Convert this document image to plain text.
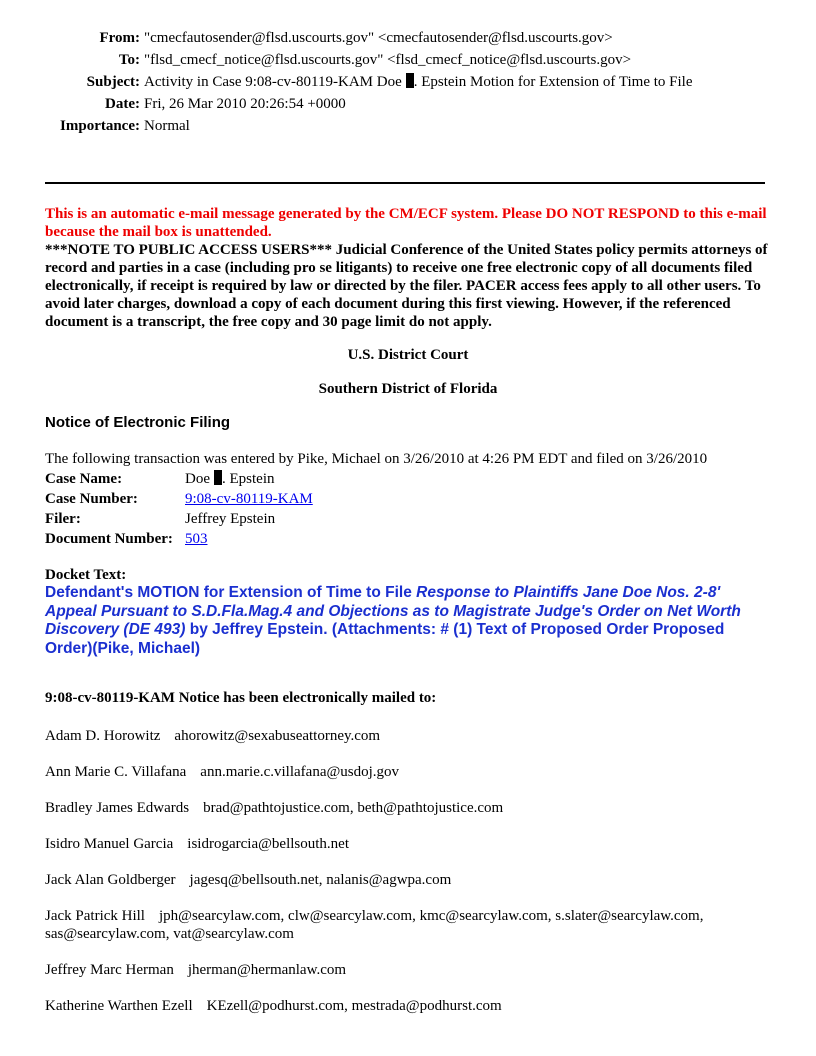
From: "cmecfautosender@flsd.uscourts.gov" <cmecfautosender@flsd.uscourts.gov>
To: "flsd_cmecf_notice@flsd.uscourts.gov" <flsd_cmecf_notice@flsd.uscourts.gov>
Subject: Activity in Case 9:08-cv-80119-KAM Doe . Epstein Motion for Extension of Time to File
Date: Fri, 26 Mar 2010 20:26:54 +0000
Importance: Normal
This is an automatic e-mail message generated by the CM/ECF system. Please DO NOT RESPOND to this e-mail because the mail box is unattended.
***NOTE TO PUBLIC ACCESS USERS*** Judicial Conference of the United States policy permits attorneys of record and parties in a case (including pro se litigants) to receive one free electronic copy of all documents filed electronically, if receipt is required by law or directed by the filer. PACER access fees apply to all other users. To avoid later charges, download a copy of each document during this first viewing. However, if the referenced document is a transcript, the free copy and 30 page limit do not apply.
U.S. District Court
Southern District of Florida
Notice of Electronic Filing
The following transaction was entered by Pike, Michael on 3/26/2010 at 4:26 PM EDT and filed on 3/26/2010
Case Name:	Doe . Epstein
Case Number:	9:08-cv-80119-KAM
Filer:	Jeffrey Epstein
Document Number: 503
Docket Text:
Defendant's MOTION for Extension of Time to File Response to Plaintiffs Jane Doe Nos. 2-8' Appeal Pursuant to S.D.Fla.Mag.4 and Objections as to Magistrate Judge's Order on Net Worth Discovery (DE 493) by Jeffrey Epstein. (Attachments: # (1) Text of Proposed Order Proposed Order)(Pike, Michael)
9:08-cv-80119-KAM Notice has been electronically mailed to:
Adam D. Horowitz ahorowitz@sexabuseattorney.com
Ann Marie C. Villafana ann.marie.c.villafana@usdoj.gov
Bradley James Edwards brad@pathtojustice.com, beth@pathtojustice.com
Isidro Manuel Garcia isidrogarcia@bellsouth.net
Jack Alan Goldberger jagesq@bellsouth.net, nalanis@agwpa.com
Jack Patrick Hill jph@searcylaw.com, clw@searcylaw.com, kmc@searcylaw.com, s.slater@searcylaw.com, sas@searcylaw.com, vat@searcylaw.com
Jeffrey Marc Herman jherman@hermanlaw.com
Katherine Warthen Ezell KEzell@podhurst.com, mestrada@podhurst.com
